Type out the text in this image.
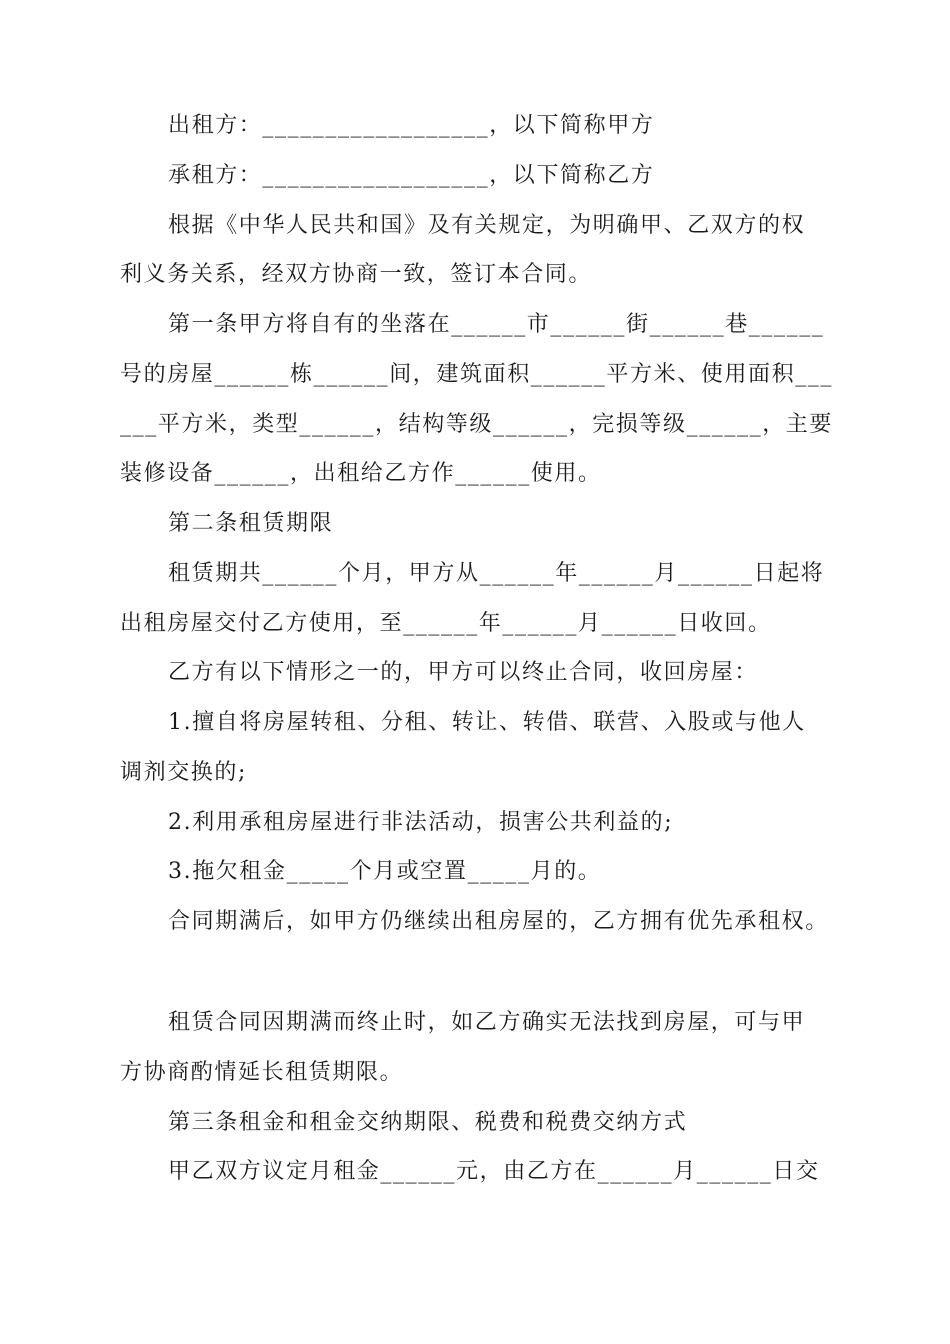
出租方：__________________，以下简称甲方
承租方：__________________，以下简称乙方
根据《中华人民共和国》及有关规定，为明确甲、乙双方的权
利义务关系，经双方协商一致，签订本合同。
第一条甲方将自有的坐落在______市______街______巷______
号的房屋______栋______间，建筑面积______平方米、使用面积___
___平方米，类型______，结构等级______，完损等级______，主要
装修设备______，出租给乙方作______使用。
第二条租赁期限
租赁期共______个月，甲方从______年______月______日起将
出租房屋交付乙方使用，至______年______月______日收回。
乙方有以下情形之一的，甲方可以终止合同，收回房屋：
1.擅自将房屋转租、分租、转让、转借、联营、入股或与他人
调剂交换的;
2.利用承租房屋进行非法活动，损害公共利益的;
3.拖欠租金_____个月或空置_____月的。
合同期满后，如甲方仍继续出租房屋的，乙方拥有优先承租权。
租赁合同因期满而终止时，如乙方确实无法找到房屋，可与甲
方协商酌情延长租赁期限。
第三条租金和租金交纳期限、税费和税费交纳方式
甲乙双方议定月租金______元，由乙方在______月______日交
